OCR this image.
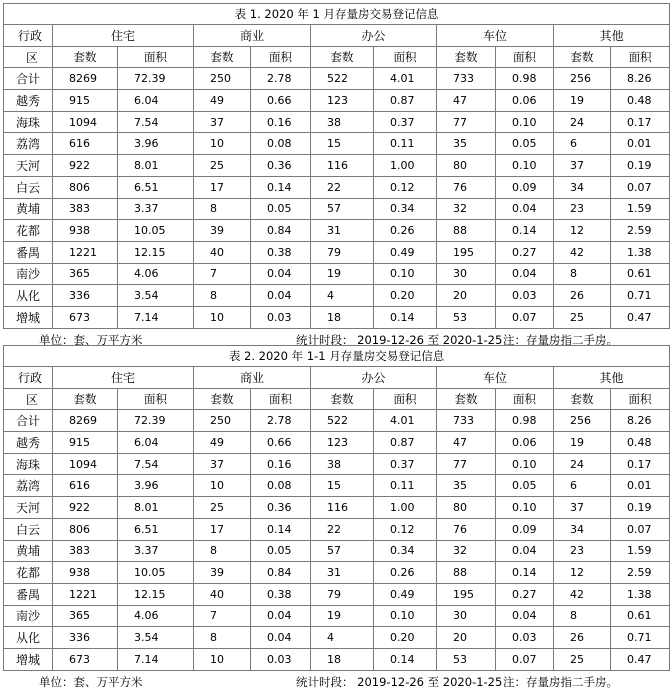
表 1. 2020 年 1 月存量房交易登记信息										
行政	住宅		商业		办公		车位		其他	
区	套数	面积	套数	面积	套数	面积	套数	面积	套数	面积
合计	8269	72.39	250	2.78	522	4.01	733	0.98	256	8.26
越秀	915	6.04	49	0.66	123	0.87	47	0.06	19	0.48
海珠	1094	7.54	37	0.16	38	0.37	77	0.10	24	0.17
荔湾	616	3.96	10	0.08	15	0.11	35	0.05	6	0.01
天河	922	8.01	25	0.36	116	1.00	80	0.10	37	0.19
白云	806	6.51	17	0.14	22	0.12	76	0.09	34	0.07
黄埔	383	3.37	8	0.05	57	0.34	32	0.04	23	1.59
花都	938	10.05	39	0.84	31	0.26	88	0.14	12	2.59
番禺	1221	12.15	40	0.38	79	0.49	195	0.27	42	1.38
南沙	365	4.06	7	0.04	19	0.10	30	0.04	8	0.61
从化	336	3.54	8	0.04	4	0.20	20	0.03	26	0.71
增城	673	7.14	10	0.03	18	0.14	53	0.07	25	0.47
单位：套、万平方米	统计时段： 2019-12-26 至 2020-1-25 注：存量房指二手房。
表 2. 2020 年 1-1 月存量房交易登记信息										
行政	住宅		商业		办公		车位		其他	
区	套数	面积	套数	面积	套数	面积	套数	面积	套数	面积
合计	8269	72.39	250	2.78	522	4.01	733	0.98	256	8.26
越秀	915	6.04	49	0.66	123	0.87	47	0.06	19	0.48
海珠	1094	7.54	37	0.16	38	0.37	77	0.10	24	0.17
荔湾	616	3.96	10	0.08	15	0.11	35	0.05	6	0.01
天河	922	8.01	25	0.36	116	1.00	80	0.10	37	0.19
白云	806	6.51	17	0.14	22	0.12	76	0.09	34	0.07
黄埔	383	3.37	8	0.05	57	0.34	32	0.04	23	1.59
花都	938	10.05	39	0.84	31	0.26	88	0.14	12	2.59
番禺	1221	12.15	40	0.38	79	0.49	195	0.27	42	1.38
南沙	365	4.06	7	0.04	19	0.10	30	0.04	8	0.61
从化	336	3.54	8	0.04	4	0.20	20	0.03	26	0.71
增城	673	7.14	10	0.03	18	0.14	53	0.07	25	0.47
单位：套、万平方米	统计时段： 2019-12-26 至 2020-1-25 注：存量房指二手房。
